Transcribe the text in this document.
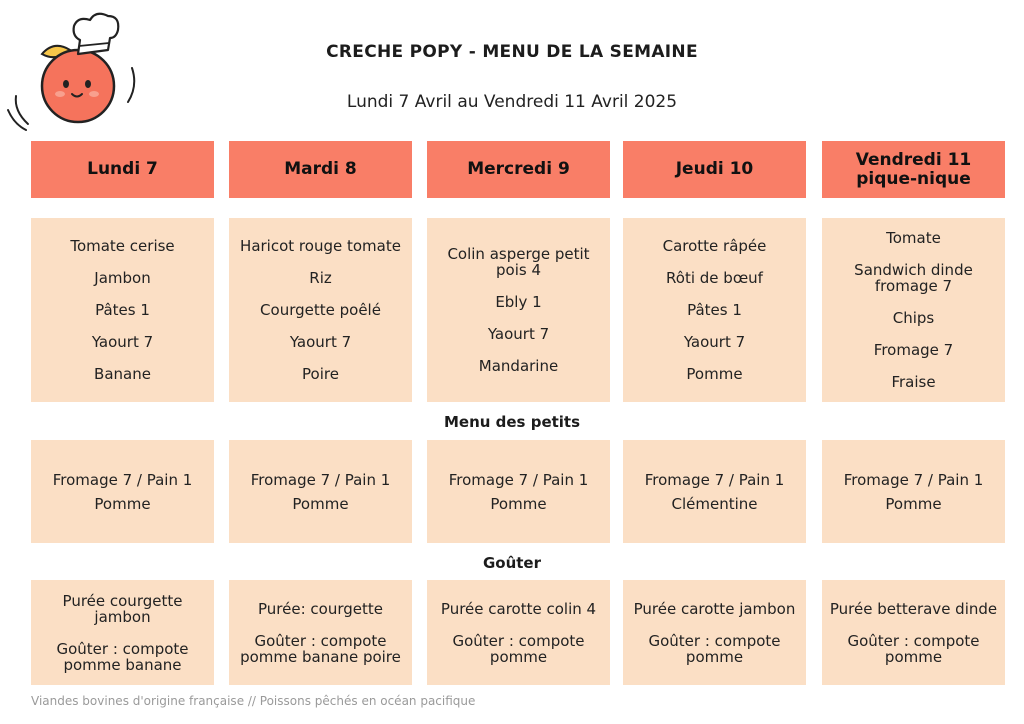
CRECHE POPY - MENU DE LA SEMAINE
Lundi 7 Avril au Vendredi 11 Avril 2025
Menu des petits
Goûter
Lundi 7
Tomate cerise
Jambon
Pâtes 1
Yaourt 7
Banane
Fromage 7 / Pain 1
Pomme
Purée courgette jambon
Goûter : compote pomme banane
Mardi 8
Haricot rouge tomate
Riz
Courgette poêlé
Yaourt 7
Poire
Fromage 7 / Pain 1
Pomme
Purée: courgette
Goûter : compote pomme banane poire
Mercredi 9
Colin asperge petit pois 4
Ebly 1
Yaourt 7
Mandarine
Fromage 7 / Pain 1
Pomme
Purée carotte colin 4
Goûter : compote pomme
Jeudi 10
Carotte râpée
Rôti de bœuf
Pâtes 1
Yaourt 7
Pomme
Fromage 7 / Pain 1
Clémentine
Purée carotte jambon
Goûter : compote pomme
Vendredi 11
pique-nique
Tomate
Sandwich dinde fromage 7
Chips
Fromage 7
Fraise
Fromage 7 / Pain 1
Pomme
Purée betterave dinde
Goûter : compote pomme
Viandes bovines d'origine française // Poissons pêchés en océan pacifique
